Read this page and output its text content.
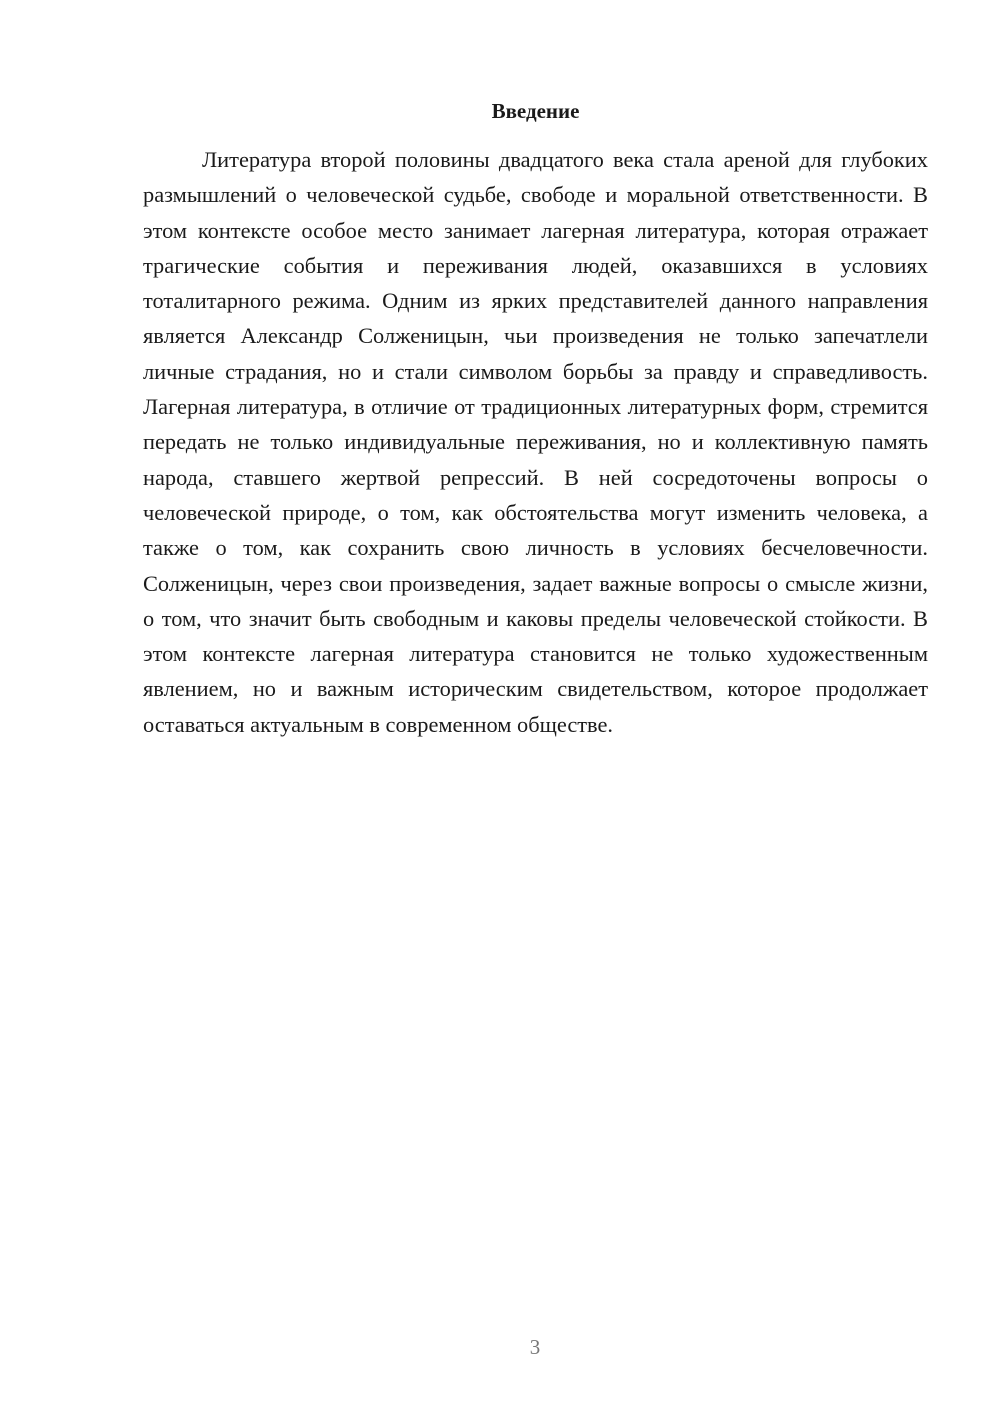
Введение

Литература второй половины двадцатого века стала ареной для глубоких размышлений о человеческой судьбе, свободе и моральной ответственности. В этом контексте особое место занимает лагерная литература, которая отражает трагические события и переживания людей, оказавшихся в условиях тоталитарного режима. Одним из ярких представителей данного направления является Александр Солженицын, чьи произведения не только запечатлели личные страдания, но и стали символом борьбы за правду и справедливость. Лагерная литература, в отличие от традиционных литературных форм, стремится передать не только индивидуальные переживания, но и коллективную память народа, ставшего жертвой репрессий. В ней сосредоточены вопросы о человеческой природе, о том, как обстоятельства могут изменить человека, а также о том, как сохранить свою личность в условиях бесчеловечности. Солженицын, через свои произведения, задает важные вопросы о смысле жизни, о том, что значит быть свободным и каковы пределы человеческой стойкости. В этом контексте лагерная литература становится не только художественным явлением, но и важным историческим свидетельством, которое продолжает оставаться актуальным в современном обществе.

3
